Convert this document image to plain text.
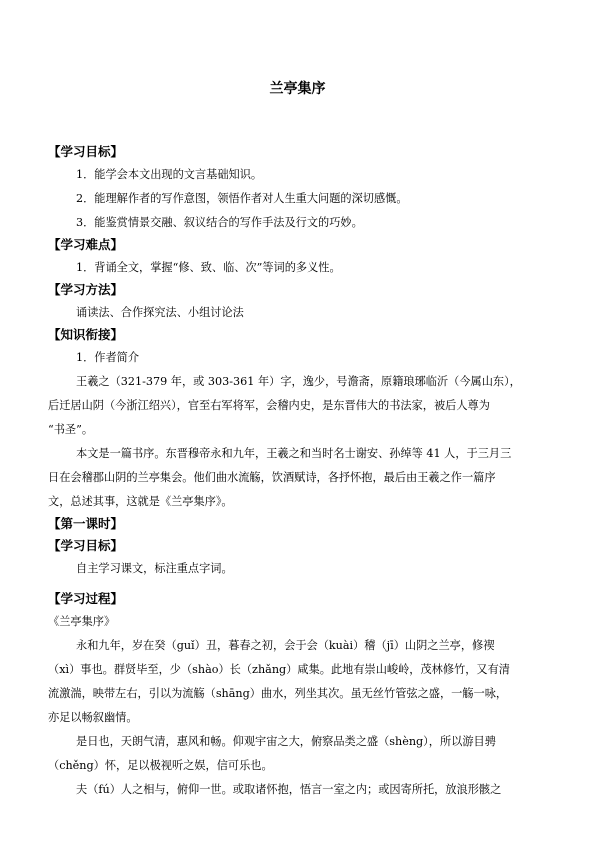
兰亭集序
【学习目标】
1．能学会本文出现的文言基础知识。
2．能理解作者的写作意图，领悟作者对人生重大问题的深切感慨。
3．能鉴赏情景交融、叙议结合的写作手法及行文的巧妙。
【学习难点】
1．背诵全文，掌握“修、致、临、次”等词的多义性。
【学习方法】
诵读法、合作探究法、小组讨论法
【知识衔接】
1．作者简介
王羲之（321-379 年，或 303-361 年）字，逸少，号澹斋，原籍琅琊临沂（今属山东），
后迁居山阴（今浙江绍兴），官至右军将军，会稽内史，是东晋伟大的书法家，被后人尊为
“书圣”。
本文是一篇书序。东晋穆帝永和九年，王羲之和当时名士谢安、孙绰等 41 人，于三月三
日在会稽郡山阴的兰亭集会。他们曲水流觞，饮酒赋诗，各抒怀抱，最后由王羲之作一篇序
文，总述其事，这就是《兰亭集序》。
【第一课时】
【学习目标】
自主学习课文，标注重点字词。
【学习过程】
《兰亭集序》
永和九年，岁在癸（guǐ）丑，暮春之初，会于会（kuài）稽（jī）山阴之兰亭，修禊
（xì）事也。群贤毕至，少（shào）长（zhǎng）咸集。此地有崇山峻岭，茂林修竹，又有清
流激湍，映带左右，引以为流觞（shāng）曲水，列坐其次。虽无丝竹管弦之盛，一觞一咏，
亦足以畅叙幽情。
是日也，天朗气清，惠风和畅。仰观宇宙之大，俯察品类之盛（shèng），所以游目骋
（chěng）怀，足以极视听之娱，信可乐也。
夫（fú）人之相与，俯仰一世。或取诸怀抱，悟言一室之内；或因寄所托，放浪形骸之
